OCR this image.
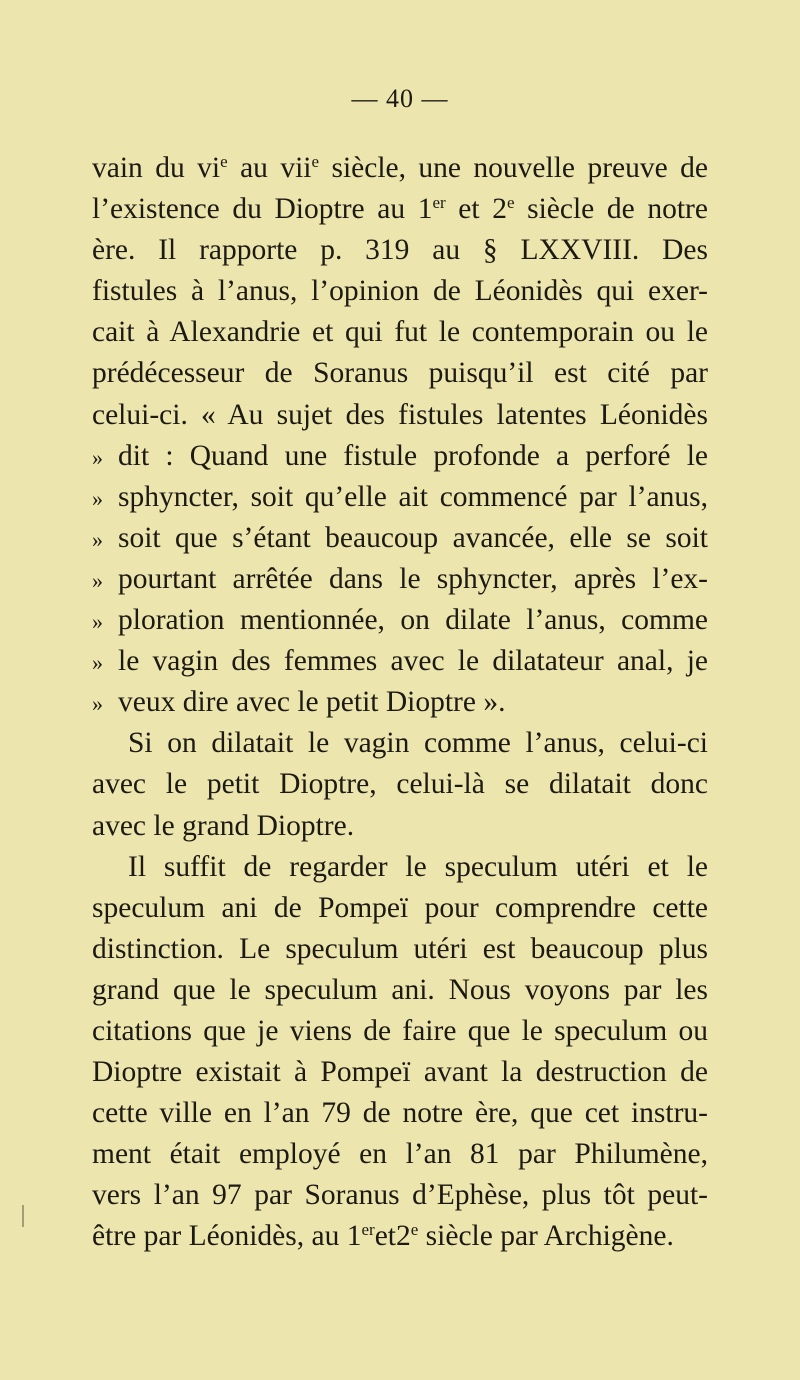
— 40 —
vain du $vi^e$ au vii$^e$ siècle, une nouvelle preuve de
l’existence du Dioptre au 1er et 2e siècle de notre
ère. Il rapporte p. 319 au § LXXVIII. Des
fistules à l’anus, l’opinion de Léonidès qui exer-
cait à Alexandrie et qui fut le contemporain ou le
prédécesseur de Soranus puisqu’il est cité par
celui-ci. « Au sujet des fistules latentes Léonidès
» dit : Quand une fistule profonde a perforé le
» sphyncter, soit qu’elle ait commencé par l’anus,
» soit que s’étant beaucoup avancée, elle se soit
» pourtant arrêtée dans le sphyncter, après l’ex-
» ploration mentionnée, on dilate l’anus, comme
» le vagin des femmes avec le dilatateur anal, je
» veux dire avec le petit Dioptre ».
Si on dilatait le vagin comme l’anus, celui-ci
avec le petit Dioptre, celui-là se dilatait donc
avec le grand Dioptre.
Il suffit de regarder le speculum utéri et le
speculum ani de Pompeï pour comprendre cette
distinction. Le speculum utéri est beaucoup plus
grand que le speculum ani. Nous voyons par les
citations que je viens de faire que le speculum ou
Dioptre existait à Pompeï avant la destruction de
cette ville en l’an 79 de notre ère, que cet instru-
ment était employé en l’an 81 par Philumène,
vers l’an 97 par Soranus d’Ephèse, plus tôt peut-
être par Léonidès, au 1eret2e siècle par Archigène.
